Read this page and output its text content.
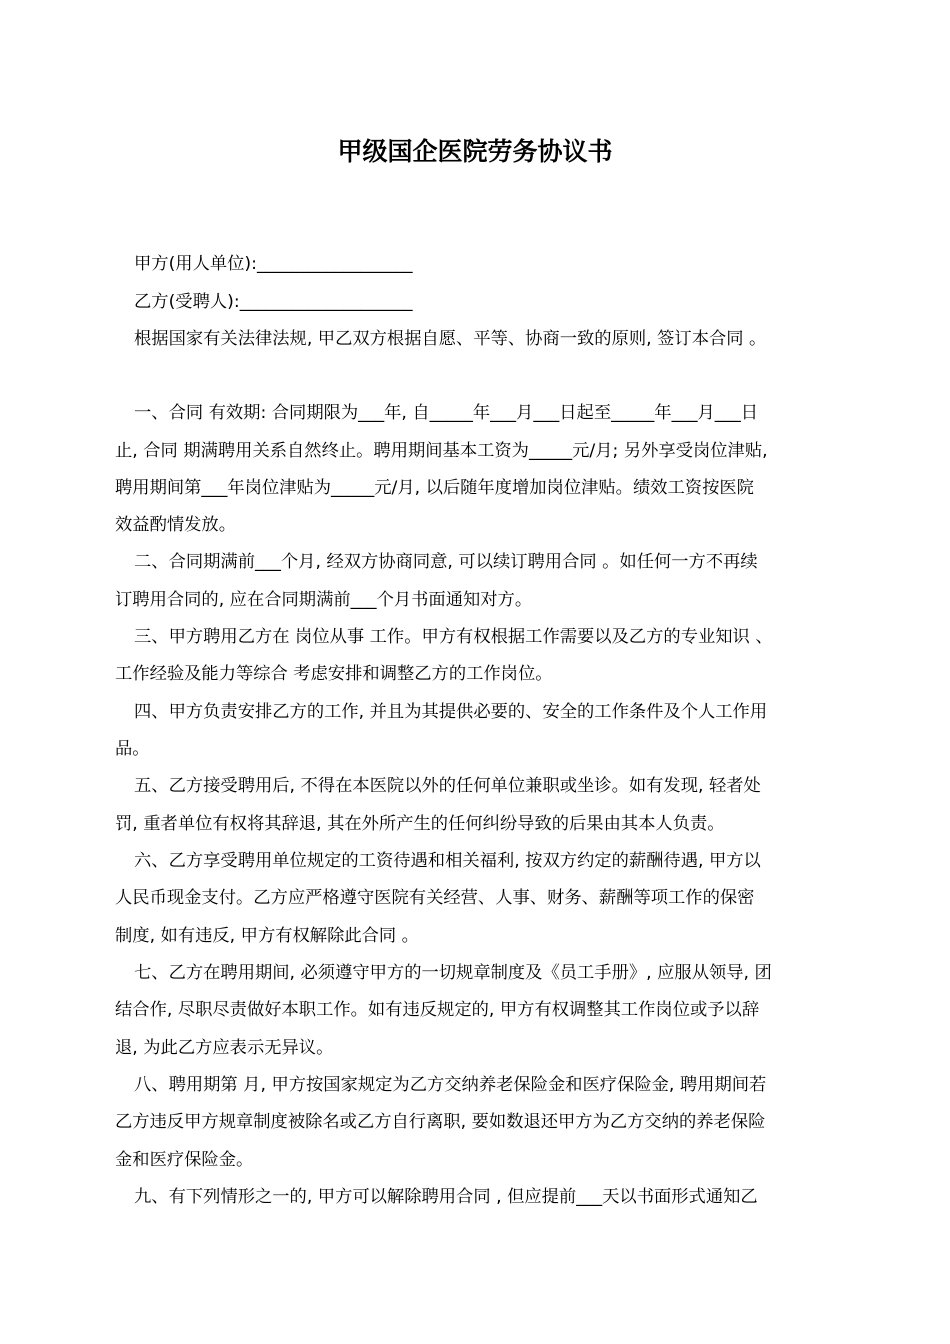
甲级国企医院劳务协议书
甲方(用人单位):__________________
乙方(受聘人):____________________
根据国家有关法律法规, 甲乙双方根据自愿、平等、协商一致的原则, 签订本合同 。
一、合同 有效期: 合同期限为___年, 自_____年___月___日起至_____年___月___日
止, 合同 期满聘用关系自然终止。聘用期间基本工资为_____元/月; 另外享受岗位津贴,
聘用期间第___年岗位津贴为_____元/月, 以后随年度增加岗位津贴。绩效工资按医院
效益酌情发放。
二、合同期满前___个月, 经双方协商同意, 可以续订聘用合同 。如任何一方不再续
订聘用合同的, 应在合同期满前___个月书面通知对方。
三、甲方聘用乙方在 岗位从事 工作。甲方有权根据工作需要以及乙方的专业知识 、
工作经验及能力等综合 考虑安排和调整乙方的工作岗位。
四、甲方负责安排乙方的工作, 并且为其提供必要的、安全的工作条件及个人工作用
品。
五、乙方接受聘用后, 不得在本医院以外的任何单位兼职或坐诊。如有发现, 轻者处
罚, 重者单位有权将其辞退, 其在外所产生的任何纠纷导致的后果由其本人负责。
六、乙方享受聘用单位规定的工资待遇和相关福利, 按双方约定的薪酬待遇, 甲方以
人民币现金支付。乙方应严格遵守医院有关经营、人事、财务、薪酬等项工作的保密
制度, 如有违反, 甲方有权解除此合同 。
七、乙方在聘用期间, 必须遵守甲方的一切规章制度及《员工手册》, 应服从领导, 团
结合作, 尽职尽责做好本职工作。如有违反规定的, 甲方有权调整其工作岗位或予以辞
退, 为此乙方应表示无异议。
八、聘用期第 月, 甲方按国家规定为乙方交纳养老保险金和医疗保险金, 聘用期间若
乙方违反甲方规章制度被除名或乙方自行离职, 要如数退还甲方为乙方交纳的养老保险
金和医疗保险金。
九、有下列情形之一的, 甲方可以解除聘用合同 , 但应提前___天以书面形式通知乙
